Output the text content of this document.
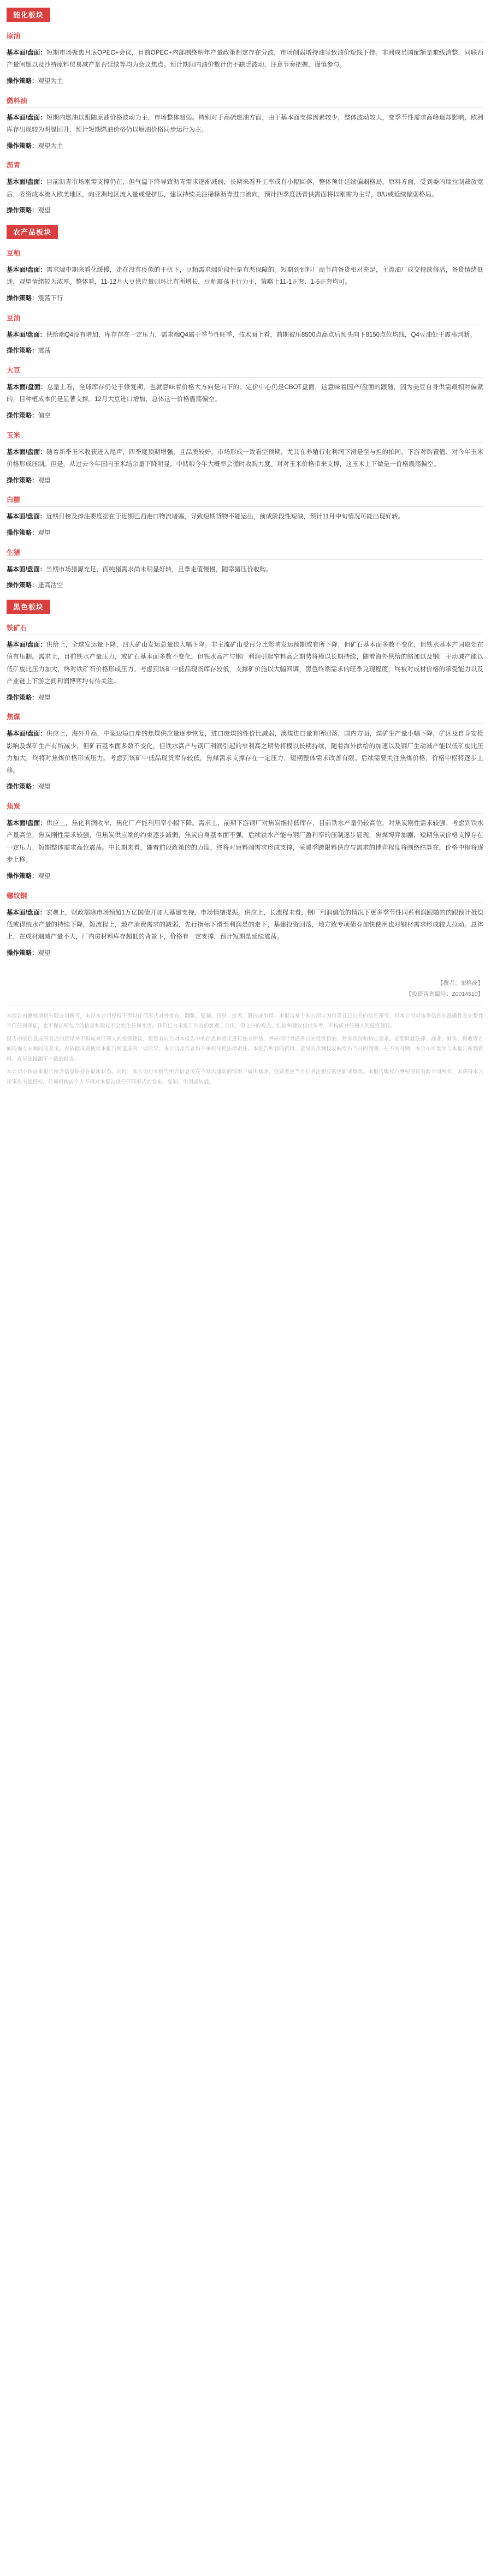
能化板块
原油

基本面/盘面：短期市场聚焦月底OPEC+会议，目前OPEC+内部围绕明年产量政策制定存在分歧，市场削弱增持油导致油价短线下挫。非洲成员国配额是难线消整，同联西产量闲题以及沙特原料贸易减产是否延续等均为会议焦点。预计期间内油价数计仍不缺乏波动，注意节奏把握，谨慎参与。

操作策略：观望为主

燃料油

基本面/盘面：短期内燃油以跟随原油价格波动为主，市场整体趋弱。特别对于高硫燃油方面，由于基本面支撑因素较少，整体波动较大，变季节性需求高峰退却影响，欧洲库存出现较为明显回升，预计短期燃油价格仍以原油价格同步运行为主。

操作策略：观望为主

沥青

基本面/盘面：目前沥青市场刚需支撑仍在，但气温下降导致沥青需求逐渐减弱，长期来看开工率或有小幅回落，整体预计延续偏弱格局。原料方面，受到委内瑞拉制裁放宽后，委资成本流入欧美地区，向亚洲地区流入量或受挤压，建议持续关注稀释沥青进口流向，预计四季度沥青供需面将以刚需为主导，B/U或延续偏弱格局。

操作策略：观望

农产品板块
豆粕

基本面/盘面：需求端中期来看化缓慢，走在没有疫似的干扰下，豆粕需求端阶段性是有恶保障的。短期到到料厂商节前备货相对充足，主流油厂成交持续修活，备货情绪低迷，观望情绪较为浓厚。整体看，11-12月大豆供应量则环比有所增长，豆粕震荡下行为主，策略上11-1正套、1-5正套均可。

操作策略：震荡下行

豆油

基本面/盘面：供给端Q4没有增加，库存存在一定压力，需求端Q4属于季节性旺季，技术面上看，前期被压8500点高点后预头向下8150点位均线，Q4豆油处于震荡判断。

操作策略：震荡

大豆

基本面/盘面：总量上看，全球库存仍处于修复期，也就意味着价格大方向是向下的；定价中心仍是CBOT盘面，这意味着国产/盘面的跟随，因为美豆自身供需最相对偏紧的，目种植成本仍是显著支撑。12月大豆进口增加，总体这一价格震荡偏空。

操作策略：偏空

玉米

基本面/盘面：随着新季玉米收获进入尾声，四季度预期增强，且品质较好，市场形成一致看空预期，尤其在养殖行业利润下滑是至与担的拍同，下游对购置值、对今年玉米价格形成压制。但是，从过去今年国内玉米结余量下降明显，中储粮今年大概率会循时收购力度。对对玉米价格带来支撑，这玉米上下做是一价格震荡偏空。

操作策略：观望

白糖

基本面/盘面：近期日榜及捧注要度据在于近期巴西港口物流堵塞，导致短期货物不能运出，前成阶段性短缺，预计11月中旬情况可能出现好转。

操作策略：观望

生猪

基本面/盘面：当期市场猪源充足，而纯猪需求尚未明显好转，且季走值慢慢，随宰猪压价收购。

操作策略：逢高沽空

黑色板块
铁矿石

基本面/盘面：供给上，全球发运量下降，四大矿山发运总量也大幅下降。非主流矿山受百分比影响发运预期或有所下降，但矿石基本面多数不变化，但铁水基本产同取处在值有压制。需求上，目前铁水产量压力，或矿石基本面多数不变化，但铁水高产与钢厂利润引起窄料高之期势将模以长期持续，随着海外供给的缩加以及钢厂主动减产能以低矿废比压力加大，终对铁矿石价格形成压力。考虑到该矿中低品现货库存较低，支撑矿价施以大幅回调，黑色终端需求的旺季兑现程度，终被对成材价格的承受能力以及产业链上下游之间利润博弈均有待关注。

操作策略：观望

焦煤

基本面/盘面：供应上，海外升高，中蒙边境口岸的焦煤供应量逐步恢复，进口废煤的性价比减弱，澳煤进口量有所回落，国内方面，煤矿生产量小幅下降，矿区及自身安检影响及煤矿生产有所减少，但矿石基本面多数不变化，但铁水高产与钢厂利润引起的窄利高之期势将模以长期持续，随着海外供给的加速以及钢厂生动减产能以低矿废比压力加大，终将对焦煤价格形成压力。考虑到该矿中低品现货库存较低，焦煤需求支撑存在一定压力，短期整体需求改善有限。后续需要关注焦煤价格，价格中枢将逐步上移。

操作策略：观望

焦炭

基本面/盘面：供应上，焦化利润收窄，焦化厂产能利用率小幅下降。需求上，前期下游钢厂对焦炭维持低库存，目前铁水产量仍较高位，对焦炭刚性需求较强。考虑到铁水产量高位，焦炭刚性需求较强，但焦炭供应端的约束逐步减弱，焦炭自身基本面不强，后续铁水产能与钢厂盈利率的压制逐步显现，焦煤博弈加剧，短期焦炭价格支撑存在一定压力，短期整体需求高位震荡。中长期来看，随着前段政策的的力度，终将对原料端需求形成支撑，采暖季跨限料供应与需求的博弈程度将围绕结算在，价格中枢将逐步上移。

操作策略：观望

螺纹钢

基本面/盘面：宏观上，财政部除市场预超1万亿国债开加大基建支持，市场情绪提振。供应上，长流程未看，钢厂利润偏低的情况下更多季节性同系利润跟随的的跟预计抵偿低或得统水产量的持续下降，短流程上，地产消费需求的减弱，先行指标下滑至利润是的走下，基建投资回落，地方政专项债券加快使用也对钢材需求形成较大拉动。总体上，在成材端减产量不大，厂内房材料库存超低的背景下，价格有一定支撑，预计短期是延续震荡。

操作策略：观望

【撰者：宋格成】
【投资咨询编号：Z0014510】

本报告由摩根期货有限公司撰写，未经本公司授权不得以任何形式对外发布、翻版、复制、刊登、发表、篡改或引用。本报告基于本公司认为可靠且已公开的信息撰写，但本公司对该等信息的准确性及完整性不作任何保证，也不保证所包含的信息和建议不会发生任何变更。我们已力求报告内容的客观、公正，但文中的观点、结论和建议仅供参考，不构成对任何人的投资建议。

报告中的信息或所表述的意见并不构成对任何人的投资建议，投资者应当对本报告中的信息和意见进行独立评估，并应同时考虑各自的投资目的、财务状况和特定需求，必要时就法律、商业、财务、税收等方面咨询专业顾问的意见。对依据或者使用本报告所造成的一切后果，本公司及作者均不承担任何法律责任。本报告所载的资料、意见及推测仅反映发布当日的判断，在不同时期，本公司可发出与本报告所载资料、意见及推测不一致的报告。

本公司不保证本报告所含信息保持在最新状态。同时，本公司对本报告所含信息可在不发出通知的情形下做出修改，投资者应当自行关注相应的更新或修改。本报告版权归摩根期货有限公司所有，未获得本公司事先书面授权，任何机构或个人不得对本报告进行任何形式的发布、复制、引用或转载。
